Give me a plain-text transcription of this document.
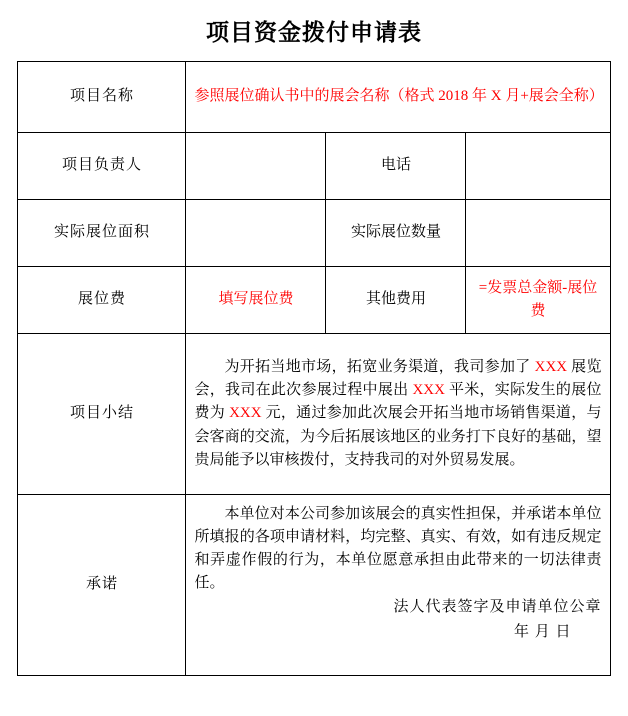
项目资金拨付申请表
项目名称	参照展位确认书中的展会名称（格式 2018 年 X 月+展会全称）		
项目负责人		电话	
实际展位面积		实际展位数量	
展位费	填写展位费	其他费用	=发票总金额-展位费
项目小结	为开拓当地市场，拓宽业务渠道，我司参加了 XXX 展览会，我司在此次参展过程中展出 XXX 平米，实际发生的展位费为 XXX 元，通过参加此次展会开拓当地市场销售渠道，与会客商的交流，为今后拓展该地区的业务打下良好的基础，望贵局能予以审核拨付，支持我司的对外贸易发展。		
承诺	本单位对本公司参加该展会的真实性担保，并承诺本单位所填报的各项申请材料，均完整、真实、有效，如有违反规定和弄虚作假的行为，本单位愿意承担由此带来的一切法律责任。
法人代表签字及申请单位公章
年 月 日		
